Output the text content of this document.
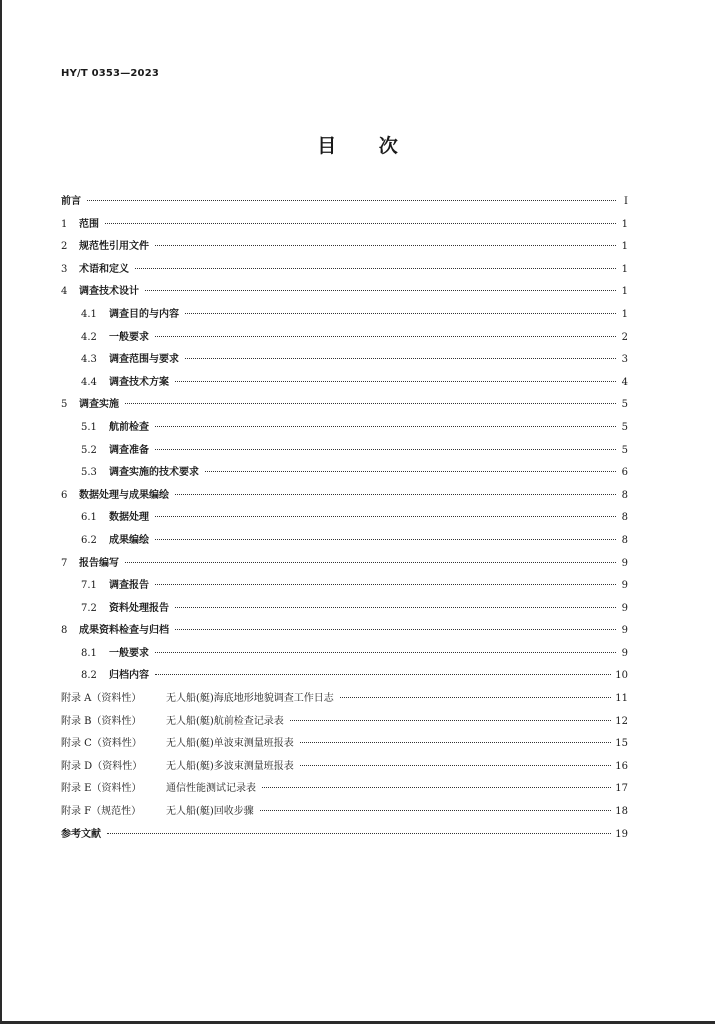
HY/T 0353—2023
目 次
前言	Ⅰ
1 范围	1
2 规范性引用文件	1
3 术语和定义	1
4 调查技术设计	1
4.1 调查目的与内容	1
4.2 一般要求	2
4.3 调查范围与要求	3
4.4 调查技术方案	4
5 调查实施	5
5.1 航前检查	5
5.2 调查准备	5
5.3 调查实施的技术要求	6
6 数据处理与成果编绘	8
6.1 数据处理	8
6.2 成果编绘	8
7 报告编写	9
7.1 调查报告	9
7.2 资料处理报告	9
8 成果资料检查与归档	9
8.1 一般要求	9
8.2 归档内容	10
附录 A（资料性）	无人船(艇)海底地形地貌调查工作日志	11
附录 B（资料性）	无人船(艇)航前检查记录表	12
附录 C（资料性）	无人船(艇)单波束测量班报表	15
附录 D（资料性）	无人船(艇)多波束测量班报表	16
附录 E（资料性）	通信性能测试记录表	17
附录 F（规范性）	无人船(艇)回收步骤	18
参考文献	19
